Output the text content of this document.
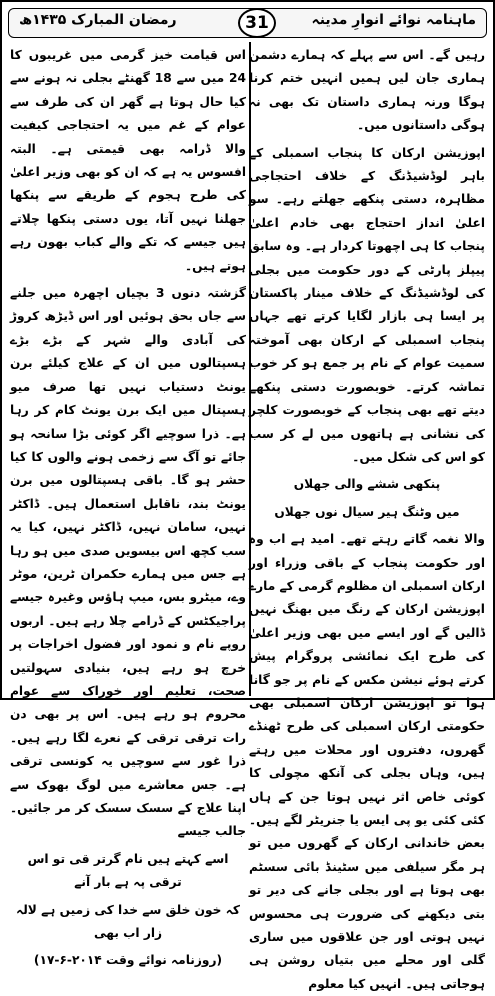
ماہنامہ نوائے انوارِ مدینہ
31
رمضان المبارک ۱۴۳۵ھ

رہیں گے۔ اس سے پہلے کہ ہمارے دشمن ہماری جان لیں ہمیں انہیں ختم کرنا ہوگا ورنہ ہماری داستان تک بھی نہ ہوگی داستانوں میں۔

اپوزیشن ارکان کا پنجاب اسمبلی کے باہر لوڈشیڈنگ کے خلاف احتجاجی مظاہرہ، دستی پنکھے جھلتے رہے۔ سو اعلیٰ انداز احتجاج بھی خادم اعلیٰ پنجاب کا ہی اچھوتا کردار ہے۔ وہ سابق پیپلز پارٹی کے دور حکومت میں بجلی کی لوڈشیڈنگ کے خلاف مینار پاکستان پر ایسا ہی بازار لگایا کرتے تھے جہاں پنجاب اسمبلی کے ارکان بھی آموختہ سمیت عوام کے نام پر جمع ہو کر خوب تماشہ کرتے۔ خوبصورت دستی پنکھے دیتے تھے بھی پنجاب کے خوبصورت کلچر کی نشانی ہے ہاتھوں میں لے کر سب کو اس کی شکل میں۔

پنکھی ششے والی جھلاں

میں وٹنگ ہیر سیال نوں جھلاں

والا نغمہ گاتے رہتے تھے۔ امید ہے اب وہ اور حکومت پنجاب کے باقی وزراء اور ارکان اسمبلی ان مظلوم گرمی کے مارے اپوزیشن ارکان کے رنگ میں بھنگ نہیں ڈالیں گے اور ایسے میں بھی وزیر اعلیٰ کی طرح ایک نمائشی پروگرام پیش کرتے ہوئے نیشن مکس کے نام پر جو گانا ہوا تو اپوزیشن ارکان اسمبلی بھی حکومتی ارکان اسمبلی کی طرح ٹھنڈے گھروں، دفتروں اور محلات میں رہتے ہیں، وہاں بجلی کی آنکھ مچولی کا کوئی خاص اثر نہیں ہوتا جن کے ہاں کئی کئی یو پی ایس یا جنریٹر لگے ہیں۔ بعض خاندانی ارکان کے گھروں میں تو ہر مگر سیلفی میں سٹینڈ بائی سسٹم بھی ہوتا ہے اور بجلی جانے کی دیر تو بتی دیکھنے کی ضرورت ہی محسوس نہیں ہوتی اور جن علاقوں میں ساری گلی اور محلے میں بتیاں روشن ہی ہوجاتی ہیں۔ انہیں کیا معلوم

اس قیامت خیز گرمی میں غریبوں کا 24 میں سے 18 گھنٹے بجلی نہ ہونے سے کیا حال ہوتا ہے گھر ان کی طرف سے عوام کے غم میں یہ احتجاجی کیفیت والا ڈرامہ بھی قیمتی ہے۔ البتہ افسوس یہ ہے کہ ان کو بھی وزیر اعلیٰ کی طرح ہجوم کے طریقے سے پنکھا جھلنا نہیں آتا، یوں دستی پنکھا چلاتے ہیں جیسے کہ تکے والے کباب بھون رہے ہوتے ہیں۔

گزشتہ دنوں 3 بچیاں اچھرہ میں جلنے سے جاں بحق ہوئیں اور اس ڈیڑھ کروڑ کی آبادی والے شہر کے بڑے بڑے ہسپتالوں میں ان کے علاج کیلئے برن یونٹ دستیاب نہیں تھا صرف میو ہسپتال میں ایک برن یونٹ کام کر رہا ہے۔ ذرا سوچیے اگر کوئی بڑا سانحہ ہو جائے تو آگ سے زخمی ہونے والوں کا کیا حشر ہو گا۔ باقی ہسپتالوں میں برن یونٹ بند، ناقابل استعمال ہیں۔ ڈاکٹر نہیں، سامان نہیں، ڈاکٹر نہیں، کیا یہ سب کچھ اس بیسویں صدی میں ہو رہا ہے جس میں ہمارے حکمران ٹرین، موٹر وے، میٹرو بس، میپ ہاؤس وغیرہ جیسے پراجیکٹس کے ڈرامے چلا رہے ہیں۔ اربوں روپے نام و نمود اور فضول اخراجات پر خرچ ہو رہے ہیں، بنیادی سہولتیں صحت، تعلیم اور خوراک سے عوام محروم ہو رہے ہیں۔ اس پر بھی دن رات ترقی ترقی کے نعرے لگا رہے ہیں۔ ذرا غور سے سوچیں یہ کونسی ترقی ہے۔ جس معاشرے میں لوگ بھوک سے اپنا علاج کے سسک سسک کر مر جائیں۔ جالب جیسے

اسے کہتے ہیں نام گرتر قی تو اس ترقی پہ ہے بار آنے

کہ خون خلق سے خدا کی زمیں ہے لالہ زار اب بھی

(روزنامہ نوائے وقت ۲۰۱۴-۶-۱۷)
